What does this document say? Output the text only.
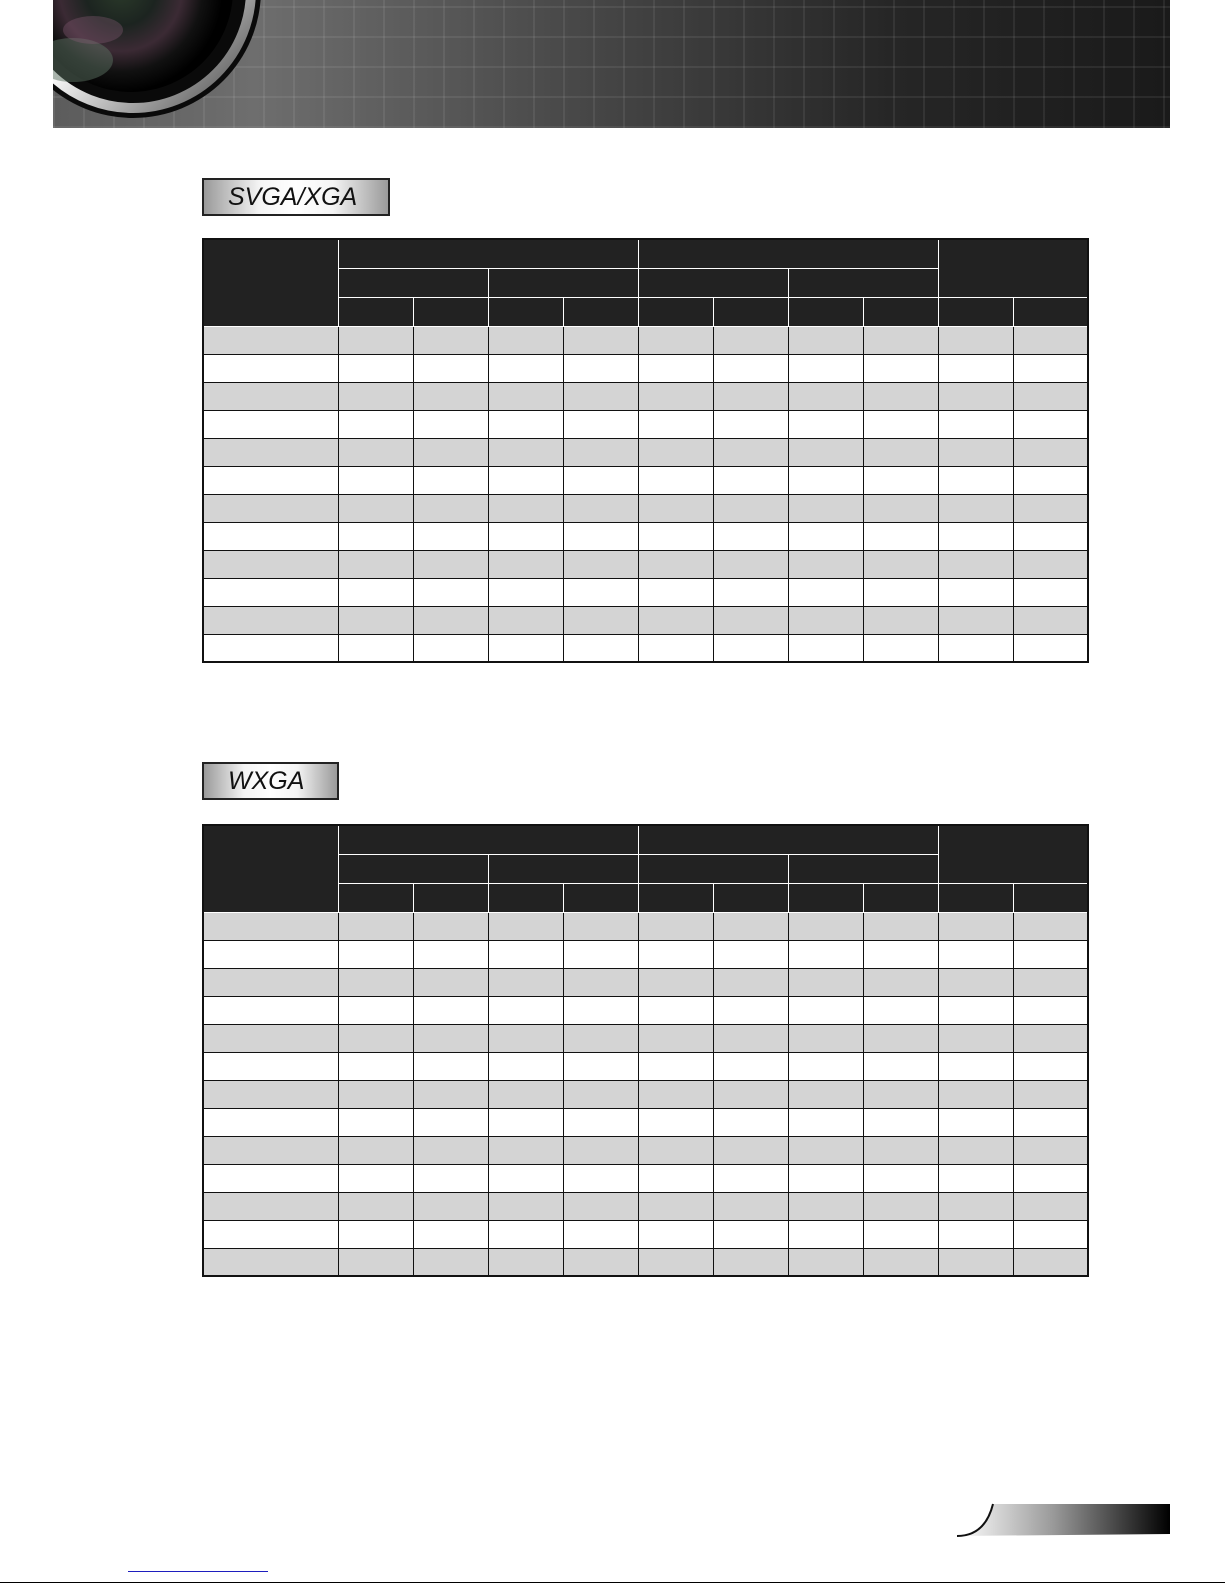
SVGA/XGA

WXGA
